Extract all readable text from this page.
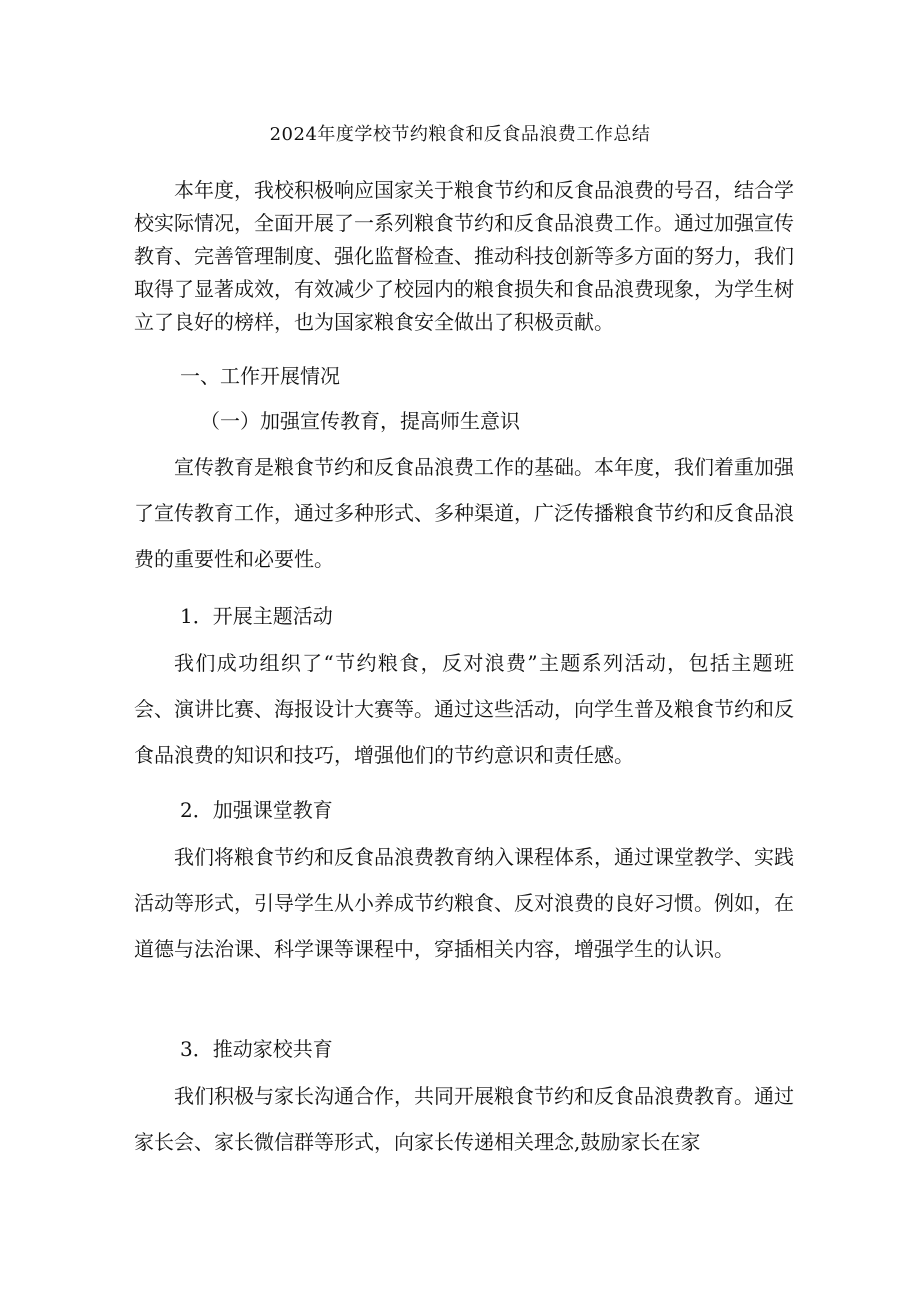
2024年度学校节约粮食和反食品浪费工作总结

本年度，我校积极响应国家关于粮食节约和反食品浪费的号召，结合学校实际情况，全面开展了一系列粮食节约和反食品浪费工作。通过加强宣传教育、完善管理制度、强化监督检查、推动科技创新等多方面的努力，我们取得了显著成效，有效减少了校园内的粮食损失和食品浪费现象，为学生树立了良好的榜样，也为国家粮食安全做出了积极贡献。

一、工作开展情况
（一）加强宣传教育，提高师生意识

宣传教育是粮食节约和反食品浪费工作的基础。本年度，我们着重加强了宣传教育工作，通过多种形式、多种渠道，广泛传播粮食节约和反食品浪费的重要性和必要性。

1．开展主题活动

我们成功组织了“节约粮食，反对浪费”主题系列活动，包括主题班会、演讲比赛、海报设计大赛等。通过这些活动，向学生普及粮食节约和反食品浪费的知识和技巧，增强他们的节约意识和责任感。

2．加强课堂教育

我们将粮食节约和反食品浪费教育纳入课程体系，通过课堂教学、实践活动等形式，引导学生从小养成节约粮食、反对浪费的良好习惯。例如，在道德与法治课、科学课等课程中，穿插相关内容，增强学生的认识。

3．推动家校共育

我们积极与家长沟通合作，共同开展粮食节约和反食品浪费教育。通过家长会、家长微信群等形式，向家长传递相关理念,鼓励家长在家
